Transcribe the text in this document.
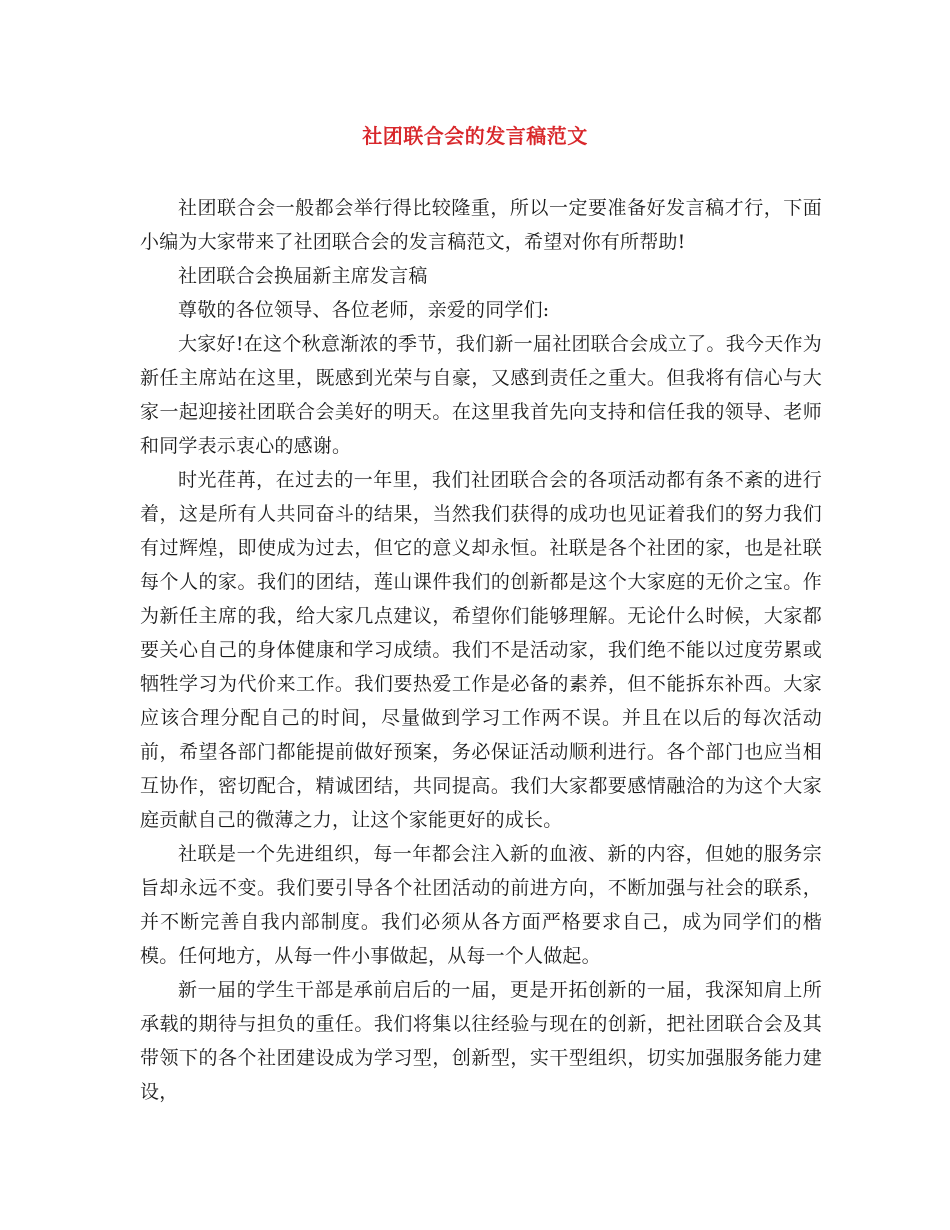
社团联合会的发言稿范文

社团联合会一般都会举行得比较隆重，所以一定要准备好发言稿才行，下面小编为大家带来了社团联合会的发言稿范文，希望对你有所帮助!

社团联合会换届新主席发言稿

尊敬的各位领导、各位老师，亲爱的同学们:

大家好!在这个秋意渐浓的季节，我们新一届社团联合会成立了。我今天作为新任主席站在这里，既感到光荣与自豪，又感到责任之重大。但我将有信心与大家一起迎接社团联合会美好的明天。在这里我首先向支持和信任我的领导、老师和同学表示衷心的感谢。

时光荏苒，在过去的一年里，我们社团联合会的各项活动都有条不紊的进行着，这是所有人共同奋斗的结果，当然我们获得的成功也见证着我们的努力我们有过辉煌，即使成为过去，但它的意义却永恒。社联是各个社团的家，也是社联每个人的家。我们的团结，莲山课件我们的创新都是这个大家庭的无价之宝。作为新任主席的我，给大家几点建议，希望你们能够理解。无论什么时候，大家都要关心自己的身体健康和学习成绩。我们不是活动家，我们绝不能以过度劳累或牺牲学习为代价来工作。我们要热爱工作是必备的素养，但不能拆东补西。大家应该合理分配自己的时间，尽量做到学习工作两不误。并且在以后的每次活动前，希望各部门都能提前做好预案，务必保证活动顺利进行。各个部门也应当相互协作，密切配合，精诚团结，共同提高。我们大家都要感情融洽的为这个大家庭贡献自己的微薄之力，让这个家能更好的成长。

社联是一个先进组织，每一年都会注入新的血液、新的内容，但她的服务宗旨却永远不变。我们要引导各个社团活动的前进方向，不断加强与社会的联系，并不断完善自我内部制度。我们必须从各方面严格要求自己，成为同学们的楷模。任何地方，从每一件小事做起，从每一个人做起。

新一届的学生干部是承前启后的一届，更是开拓创新的一届，我深知肩上所承载的期待与担负的重任。我们将集以往经验与现在的创新，把社团联合会及其带领下的各个社团建设成为学习型，创新型，实干型组织，切实加强服务能力建设，
